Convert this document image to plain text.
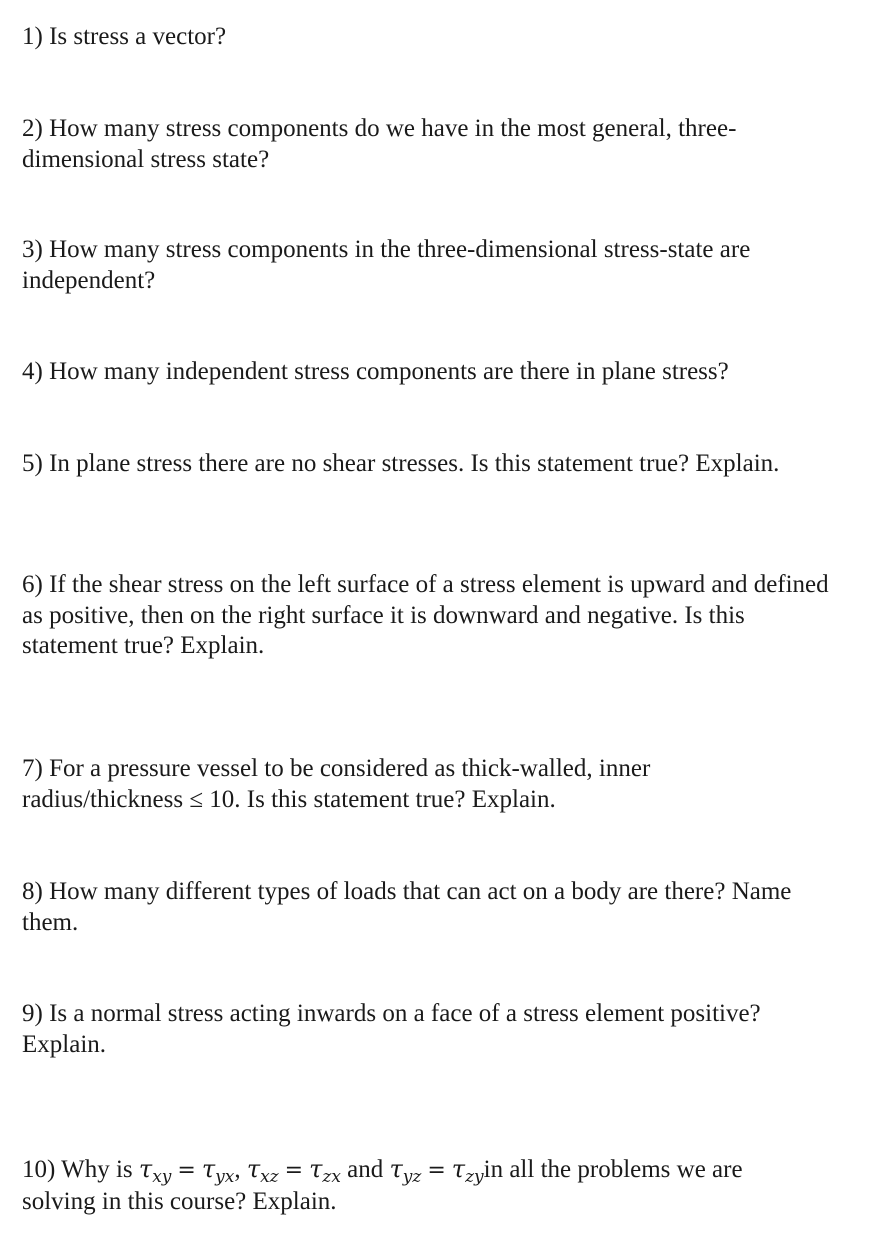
1) Is stress a vector?

2) How many stress components do we have in the most general, three-dimensional stress state?

3) How many stress components in the three-dimensional stress-state are independent?

4) How many independent stress components are there in plane stress?

5) In plane stress there are no shear stresses. Is this statement true? Explain.

6) If the shear stress on the left surface of a stress element is upward and defined as positive, then on the right surface it is downward and negative. Is this statement true? Explain.

7) For a pressure vessel to be considered as thick-walled, inner radius/thickness ≤ 10. Is this statement true? Explain.

8) How many different types of loads that can act on a body are there? Name them.

9) Is a normal stress acting inwards on a face of a stress element positive? Explain.

10) Why is $\tau_{xy} = \tau_{yx}$, $\tau_{xz} = \tau_{zx}$ and $\tau_{yz} = \tau_{zy}in$ all the problems we are solving in this course? Explain.
